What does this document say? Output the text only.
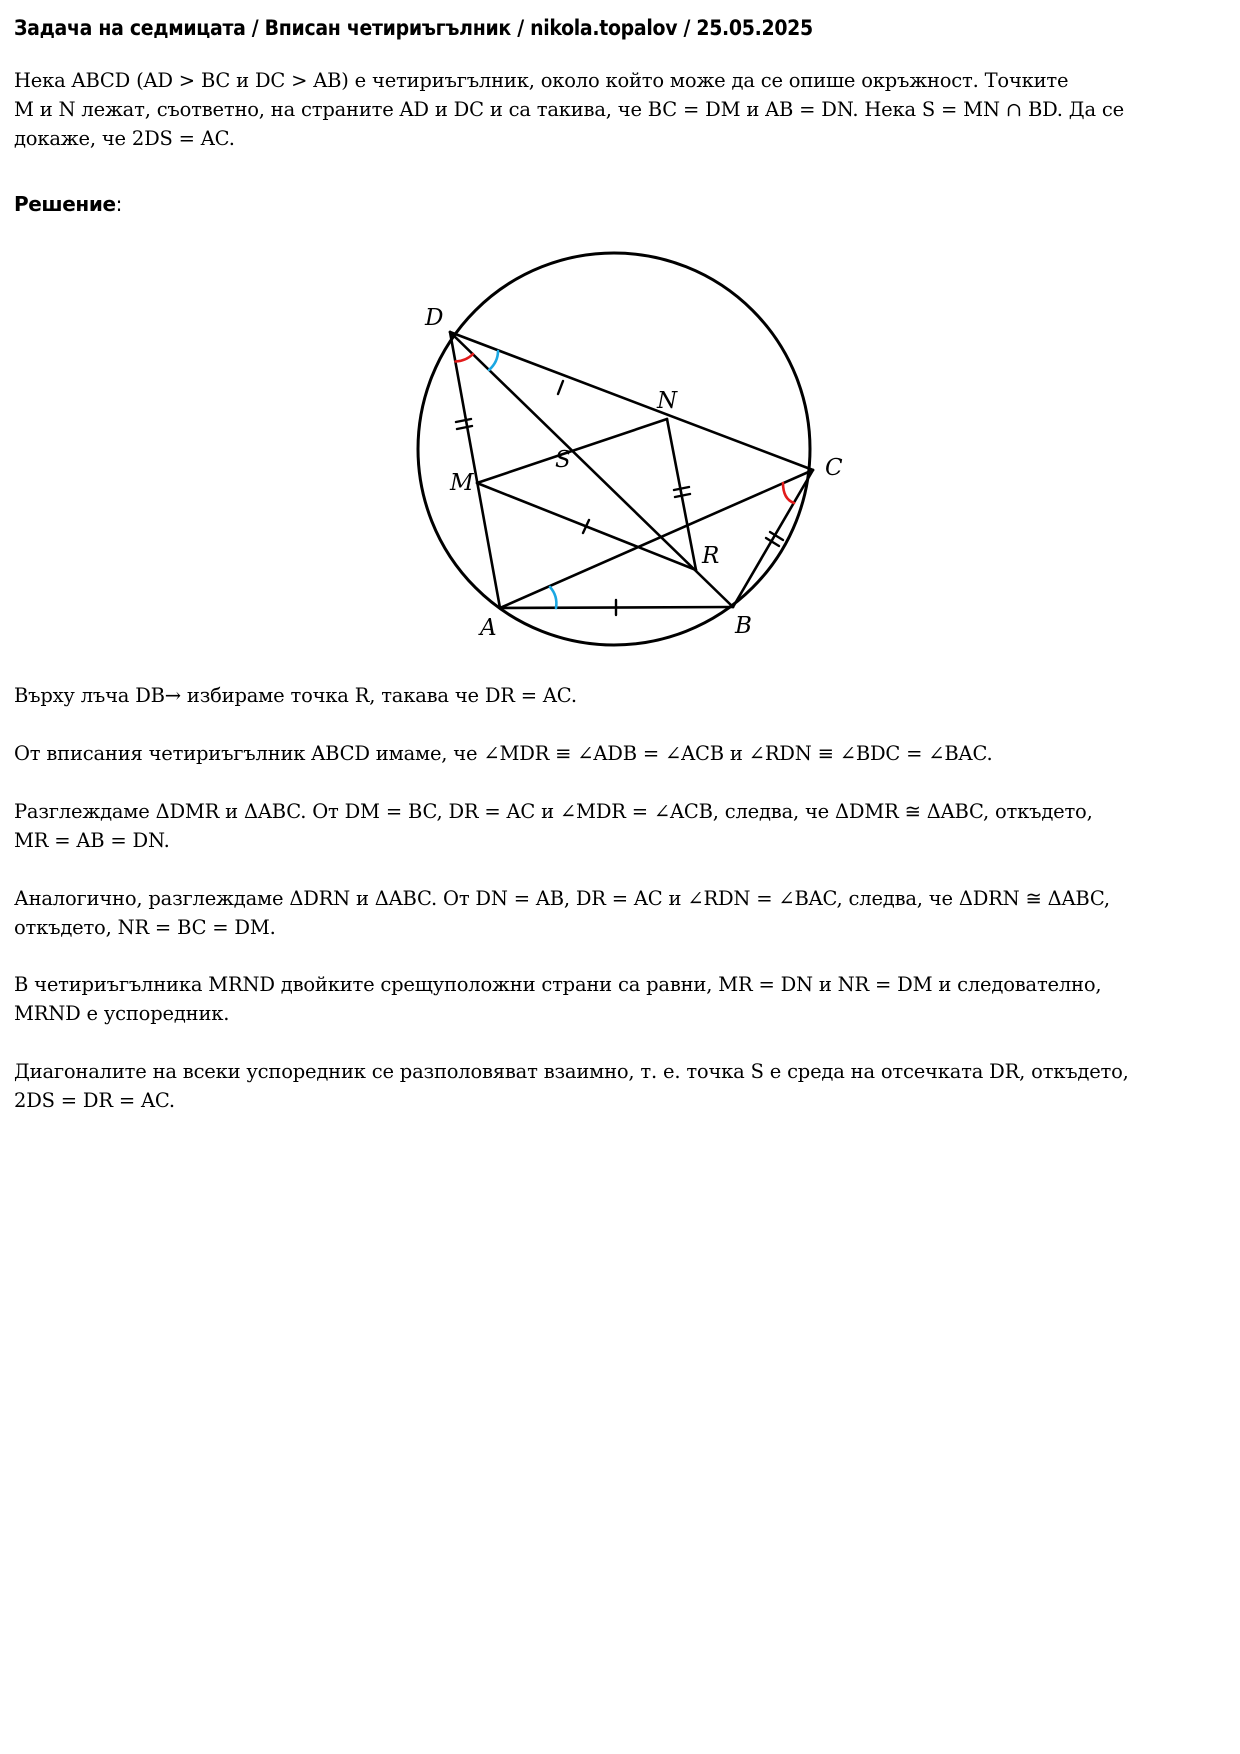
Задача на седмицата / Вписан четириъгълник / nikola.topalov / 25.05.2025
Нека ABCD (AD > BC и DC > AB) е четириъгълник, около който може да се опише окръжност. Точките
M и N лежат, съответно, на страните AD и DC и са такива, че BC = DM и AB = DN. Нека S = MN ∩ BD. Да се
докаже, че 2DS = AC.
Решение:
D
N
C
M
S
R
A	B
Върху лъча DB→ избираме точка R, такава че DR = AC.
От вписания четириъгълник ABCD имаме, че ∠MDR ≡ ∠ADB = ∠ACB и ∠RDN ≡ ∠BDC = ∠BAC.
Разглеждаме ΔDMR и ΔABC. От DM = BC, DR = AC и ∠MDR = ∠ACB, следва, че ΔDMR ≅ ΔABC, откъдето,
MR = AB = DN.
Аналогично, разглеждаме ΔDRN и ΔABC. От DN = AB, DR = AC и ∠RDN = ∠BAC, следва, че ΔDRN ≅ ΔABC,
откъдето, NR = BC = DM.
В четириъгълника MRND двойките срещуположни страни са равни, MR = DN и NR = DM и следователно,
MRND е успоредник.
Диагоналите на всеки успоредник се разполовяват взаимно, т. е. точка S е среда на отсечката DR, откъдето,
2DS = DR = AC.
